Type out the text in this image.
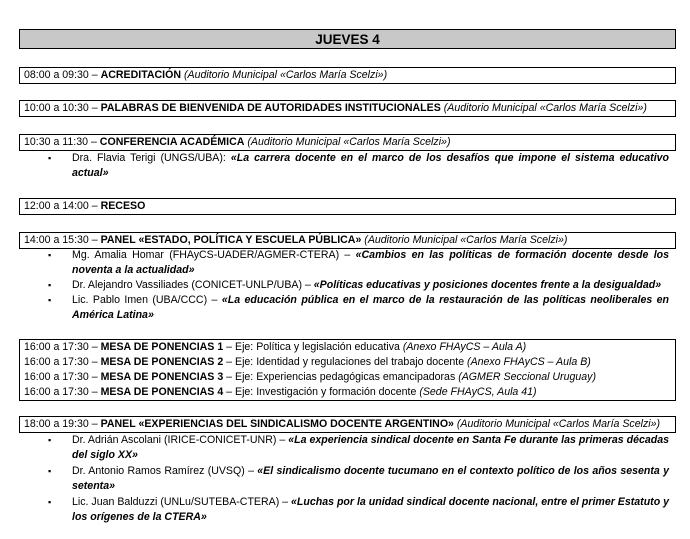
JUEVES 4
08:00 a 09:30 – ACREDITACIÓN (Auditorio Municipal «Carlos María Scelzi»)
10:00 a 10:30 – PALABRAS DE BIENVENIDA DE AUTORIDADES INSTITUCIONALES (Auditorio Municipal «Carlos María Scelzi»)
10:30 a 11:30 – CONFERENCIA ACADÉMICA (Auditorio Municipal «Carlos María Scelzi»)
▪	Dra. Flavia Terigi (UNGS/UBA): «La carrera docente en el marco de los desafíos que impone el sistema educativo actual»
12:00 a 14:00 – RECESO
14:00 a 15:30 – PANEL «ESTADO, POLÍTICA Y ESCUELA PÚBLICA» (Auditorio Municipal «Carlos María Scelzi»)
▪	Mg. Amalia Homar (FHAyCS-UADER/AGMER-CTERA) – «Cambios en las políticas de formación docente desde los noventa a la actualidad»
▪	Dr. Alejandro Vassiliades (CONICET-UNLP/UBA) – «Políticas educativas y posiciones docentes frente a la desigualdad»
▪	Lic. Pablo Imen (UBA/CCC) – «La educación pública en el marco de la restauración de las políticas neoliberales en América Latina»
16:00 a 17:30 – MESA DE PONENCIAS 1 – Eje: Política y legislación educativa (Anexo FHAyCS – Aula A)
16:00 a 17:30 – MESA DE PONENCIAS 2 – Eje: Identidad y regulaciones del trabajo docente (Anexo FHAyCS – Aula B)
16:00 a 17:30 – MESA DE PONENCIAS 3 – Eje: Experiencias pedagógicas emancipadoras (AGMER Seccional Uruguay)
16:00 a 17:30 – MESA DE PONENCIAS 4 – Eje: Investigación y formación docente (Sede FHAyCS, Aula 41)
18:00 a 19:30 – PANEL «EXPERIENCIAS DEL SINDICALISMO DOCENTE ARGENTINO» (Auditorio Municipal «Carlos María Scelzi»)
▪	Dr. Adrián Ascolani (IRICE-CONICET-UNR) – «La experiencia sindical docente en Santa Fe durante las primeras décadas del siglo XX»
▪	Dr. Antonio Ramos Ramírez (UVSQ) – «El sindicalismo docente tucumano en el contexto político de los años sesenta y setenta»
▪	Lic. Juan Balduzzi (UNLu/SUTEBA-CTERA) – «Luchas por la unidad sindical docente nacional, entre el primer Estatuto y los orígenes de la CTERA»
